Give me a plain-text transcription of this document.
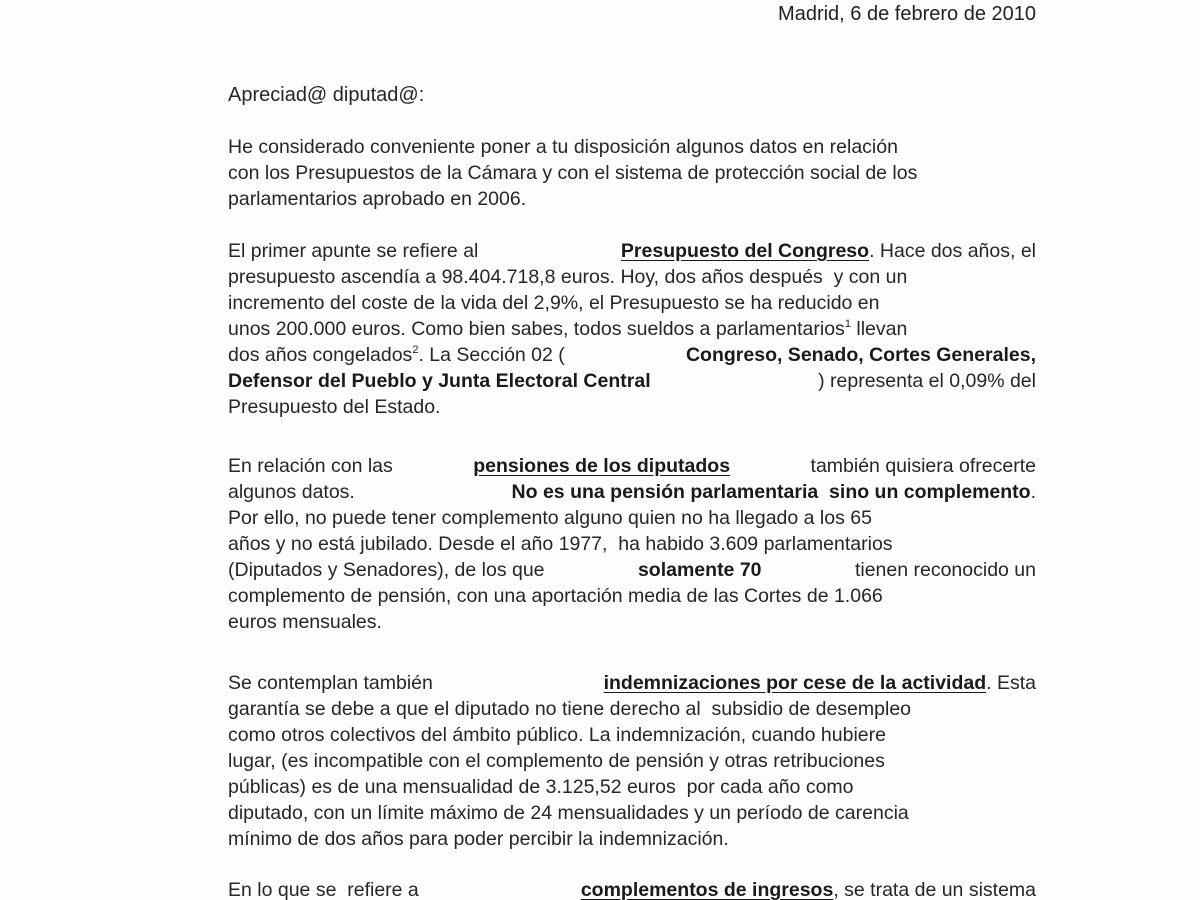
Madrid, 6 de febrero de 2010
Apreciad@ diputad@:
He considerado conveniente poner a tu disposición algunos datos en relación
con los Presupuestos de la Cámara y con el sistema de protección social de los
parlamentarios aprobado en 2006.
El primer apunte se refiere al	Presupuesto del Congreso. Hace dos años, el
presupuesto ascendía a 98.404.718,8 euros. Hoy, dos años después  y con un
incremento del coste de la vida del 2,9%, el Presupuesto se ha reducido en
unos 200.000 euros. Como bien sabes, todos sueldos a parlamentarios$^1$ llevan
dos años congelados$^2$. La Sección 02 (	Congreso, Senado, Cortes Generales,
Defensor del Pueblo y Junta Electoral Central	) representa el 0,09% del
Presupuesto del Estado.
En relación con las	pensiones de los diputados	también quisiera ofrecerte
algunos datos.	No es una pensión parlamentaria  sino un complemento.
Por ello, no puede tener complemento alguno quien no ha llegado a los 65
años y no está jubilado. Desde el año 1977,  ha habido 3.609 parlamentarios
(Diputados y Senadores), de los que	solamente 70	tienen reconocido un
complemento de pensión, con una aportación media de las Cortes de 1.066
euros mensuales.
Se contemplan también	indemnizaciones por cese de la actividad. Esta
garantía se debe a que el diputado no tiene derecho al  subsidio de desempleo
como otros colectivos del ámbito público. La indemnización, cuando hubiere
lugar, (es incompatible con el complemento de pensión y otras retribuciones
públicas) es de una mensualidad de 3.125,52 euros  por cada año como
diputado, con un límite máximo de 24 mensualidades y un período de carencia
mínimo de dos años para poder percibir la indemnización.
En lo que se  refiere a	complementos de ingresos, se trata de un sistema
